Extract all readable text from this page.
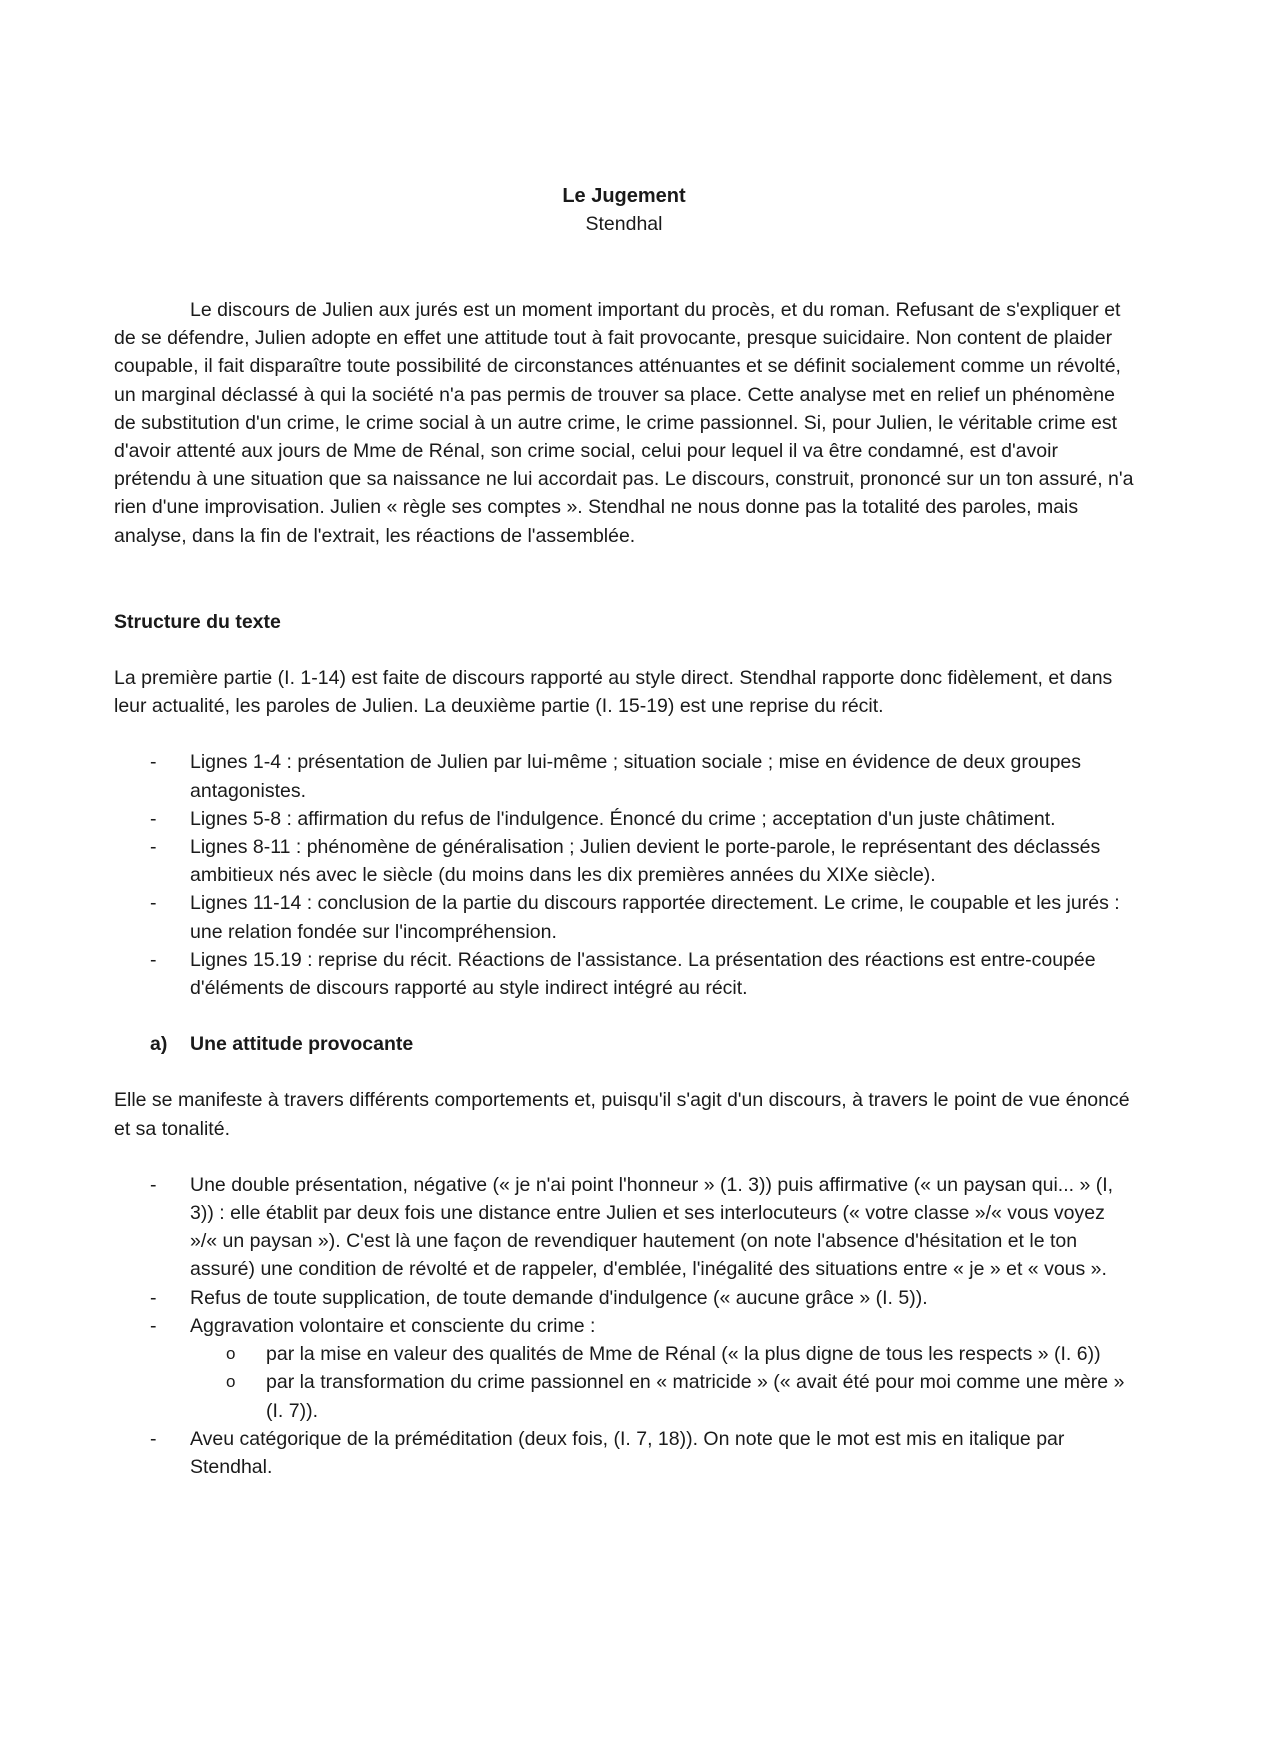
Le Jugement
Stendhal

Le discours de Julien aux jurés est un moment important du procès, et du roman. Refusant de s'expliquer et de se défendre, Julien adopte en effet une attitude tout à fait provocante, presque suicidaire. Non content de plaider coupable, il fait disparaître toute possibilité de circonstances atténuantes et se définit socialement comme un révolté, un marginal déclassé à qui la société n'a pas permis de trouver sa place. Cette analyse met en relief un phénomène de substitution d'un crime, le crime social à un autre crime, le crime passionnel. Si, pour Julien, le véritable crime est d'avoir attenté aux jours de Mme de Rénal, son crime social, celui pour lequel il va être condamné, est d'avoir prétendu à une situation que sa naissance ne lui accordait pas. Le discours, construit, prononcé sur un ton assuré, n'a rien d'une improvisation. Julien « règle ses comptes ». Stendhal ne nous donne pas la totalité des paroles, mais analyse, dans la fin de l'extrait, les réactions de l'assemblée.

Structure du texte

La première partie (I. 1-14) est faite de discours rapporté au style direct. Stendhal rapporte donc fidèlement, et dans leur actualité, les paroles de Julien. La deuxième partie (I. 15-19) est une reprise du récit.

- Lignes 1-4 : présentation de Julien par lui-même ; situation sociale ; mise en évidence de deux groupes antagonistes.
- Lignes 5-8 : affirmation du refus de l'indulgence. Énoncé du crime ; acceptation d'un juste châtiment.
- Lignes 8-11 : phénomène de généralisation ; Julien devient le porte-parole, le représentant des déclassés ambitieux nés avec le siècle (du moins dans les dix premières années du XIXe siècle).
- Lignes 11-14 : conclusion de la partie du discours rapportée directement. Le crime, le coupable et les jurés : une relation fondée sur l'incompréhension.
- Lignes 15.19 : reprise du récit. Réactions de l'assistance. La présentation des réactions est entre-coupée d'éléments de discours rapporté au style indirect intégré au récit.
a) Une attitude provocante

Elle se manifeste à travers différents comportements et, puisqu'il s'agit d'un discours, à travers le point de vue énoncé et sa tonalité.

- Une double présentation, négative (« je n'ai point l'honneur » (1. 3)) puis affirmative (« un paysan qui... » (I, 3)) : elle établit par deux fois une distance entre Julien et ses interlocuteurs (« votre classe »/« vous voyez »/« un paysan »). C'est là une façon de revendiquer hautement (on note l'absence d'hésitation et le ton assuré) une condition de révolté et de rappeler, d'emblée, l'inégalité des situations entre « je » et « vous ».
- Refus de toute supplication, de toute demande d'indulgence (« aucune grâce » (I. 5)).
- Aggravation volontaire et consciente du crime :
o par la mise en valeur des qualités de Mme de Rénal (« la plus digne de tous les respects » (I. 6))
o par la transformation du crime passionnel en « matricide » (« avait été pour moi comme une mère » (I. 7)).
- Aveu catégorique de la préméditation (deux fois, (I. 7, 18)). On note que le mot est mis en italique par Stendhal.
